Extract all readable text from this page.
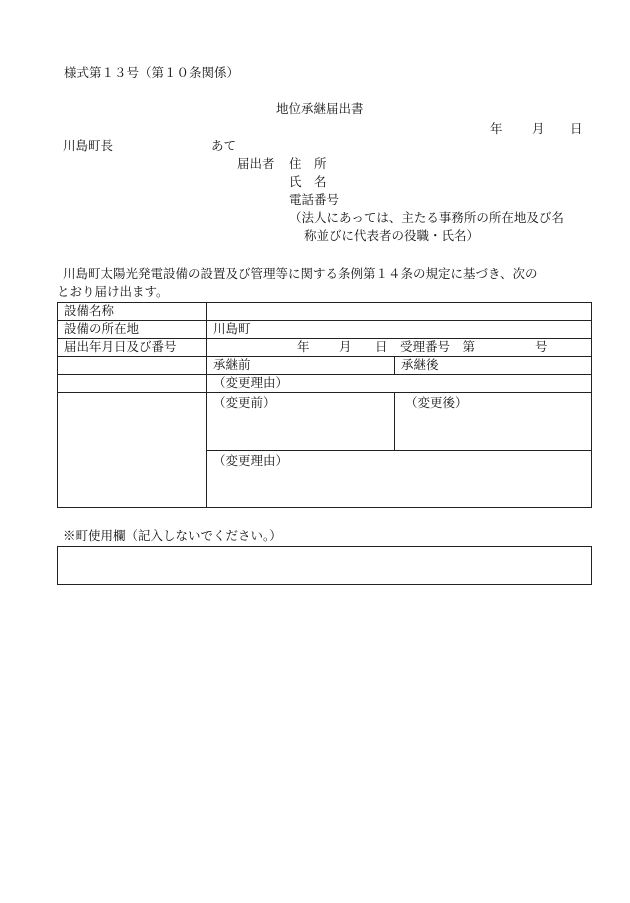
様式第１３号（第１０条関係）
地位承継届出書
年 月 日
川島町長	あて
届出者 住　所
氏　名
電話番号
（法人にあっては、主たる事務所の所在地及び名
称並びに代表者の役職・氏名）
川島町太陽光発電設備の設置及び管理等に関する条例第１４条の規定に基づき、次の
とおり届け出ます。
設備名称		
設備の所在地	川島町	
届出年月日及び番号	年 月 日 受理番号　第 号	

	承継前	承継後
	（変更理由）	
	（変更前）	（変更後）
	（変更理由）	
※町使用欄（記入しないでください。）
